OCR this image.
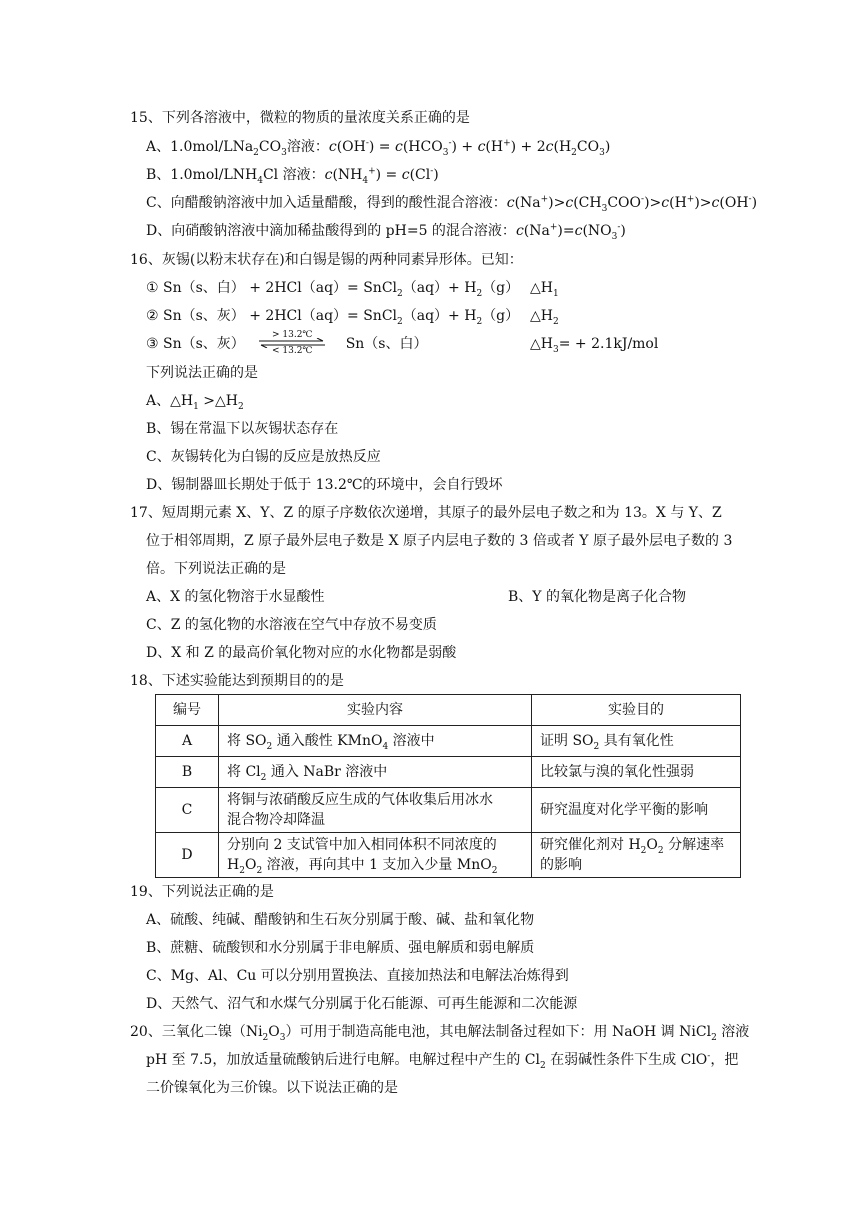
15、下列各溶液中，微粒的物质的量浓度关系正确的是
A、$1.0mol/LNa_2CO_3$溶液：$c(OH^-) = c(HCO_3^-) + c(H^+) + 2c(H_2CO_3)$
B、$1.0mol/LNH_4Cl$ 溶液：$c(NH_4^+) = c(Cl^-)$
C、向醋酸钠溶液中加入适量醋酸，得到的酸性混合溶液：$c(Na^+)>c(CH_3COO^-)>c(H^+)>c(OH^-)$
D、向硝酸钠溶液中滴加稀盐酸得到的 pH=5 的混合溶液：$c(Na^+)=c(NO_3^-)$
16、灰锡(以粉末状存在)和白锡是锡的两种同素异形体。已知：
① Sn（s、白） + 2HCl（aq）= SnCl$_2$（aq）+ $H_2(g)$ $\triangle H_1$
② Sn（s、灰） + 2HCl（aq）= SnCl$_2$（aq）+ $H_2(g)$ $\triangle H_2$
③ Sn（s、灰）
> 13.2℃
< 13.2℃	Sn（s、白）	$\triangle H_3= + 2.1kJ/mol$
下列说法正确的是
A、$\triangle H_1$ $>\triangle H_2$
B、锡在常温下以灰锡状态存在
C、灰锡转化为白锡的反应是放热反应
D、锡制器皿长期处于低于 13.2℃的环境中，会自行毁坏
17、短周期元素 X、Y、Z 的原子序数依次递增，其原子的最外层电子数之和为 13。X 与 Y、Z
位于相邻周期，Z 原子最外层电子数是 X 原子内层电子数的 3 倍或者 Y 原子最外层电子数的 3
倍。下列说法正确的是
A、X 的氢化物溶于水显酸性	B、Y 的氧化物是离子化合物
C、Z 的氢化物的水溶液在空气中存放不易变质
D、X 和 Z 的最高价氧化物对应的水化物都是弱酸
18、下述实验能达到预期目的的是
编号	实验内容	实验目的
A	将 $SO_2$ 通入酸性 KMnO$_4$ 溶液中	证明 $SO_2$ 具有氧化性
B	将 $Cl_2$ 通入 NaBr 溶液中	比较氯与溴的氧化性强弱
C	将铜与浓硝酸反应生成的气体收集后用冰水
混合物冷却降温	研究温度对化学平衡的影响
D	分别向 2 支试管中加入相同体积不同浓度的
$H_2O_2$ 溶液，再向其中 1 支加入少量 MnO$_2$	研究催化剂对 $H_2O_2$ 分解速率
的影响
19、下列说法正确的是
A、硫酸、纯碱、醋酸钠和生石灰分别属于酸、碱、盐和氧化物
B、蔗糖、硫酸钡和水分别属于非电解质、强电解质和弱电解质
C、Mg、Al、Cu 可以分别用置换法、直接加热法和电解法冶炼得到
D、天然气、沼气和水煤气分别属于化石能源、可再生能源和二次能源
20、三氧化二镍$(Ni_2O_3)$可用于制造高能电池，其电解法制备过程如下：用 NaOH 调 NiCl$_2$ 溶液
pH 至 7.5，加放适量硫酸钠后进行电解。电解过程中产生的 $Cl_2$ 在弱碱性条件下生成 ClO-，把
二价镍氧化为三价镍。以下说法正确的是
